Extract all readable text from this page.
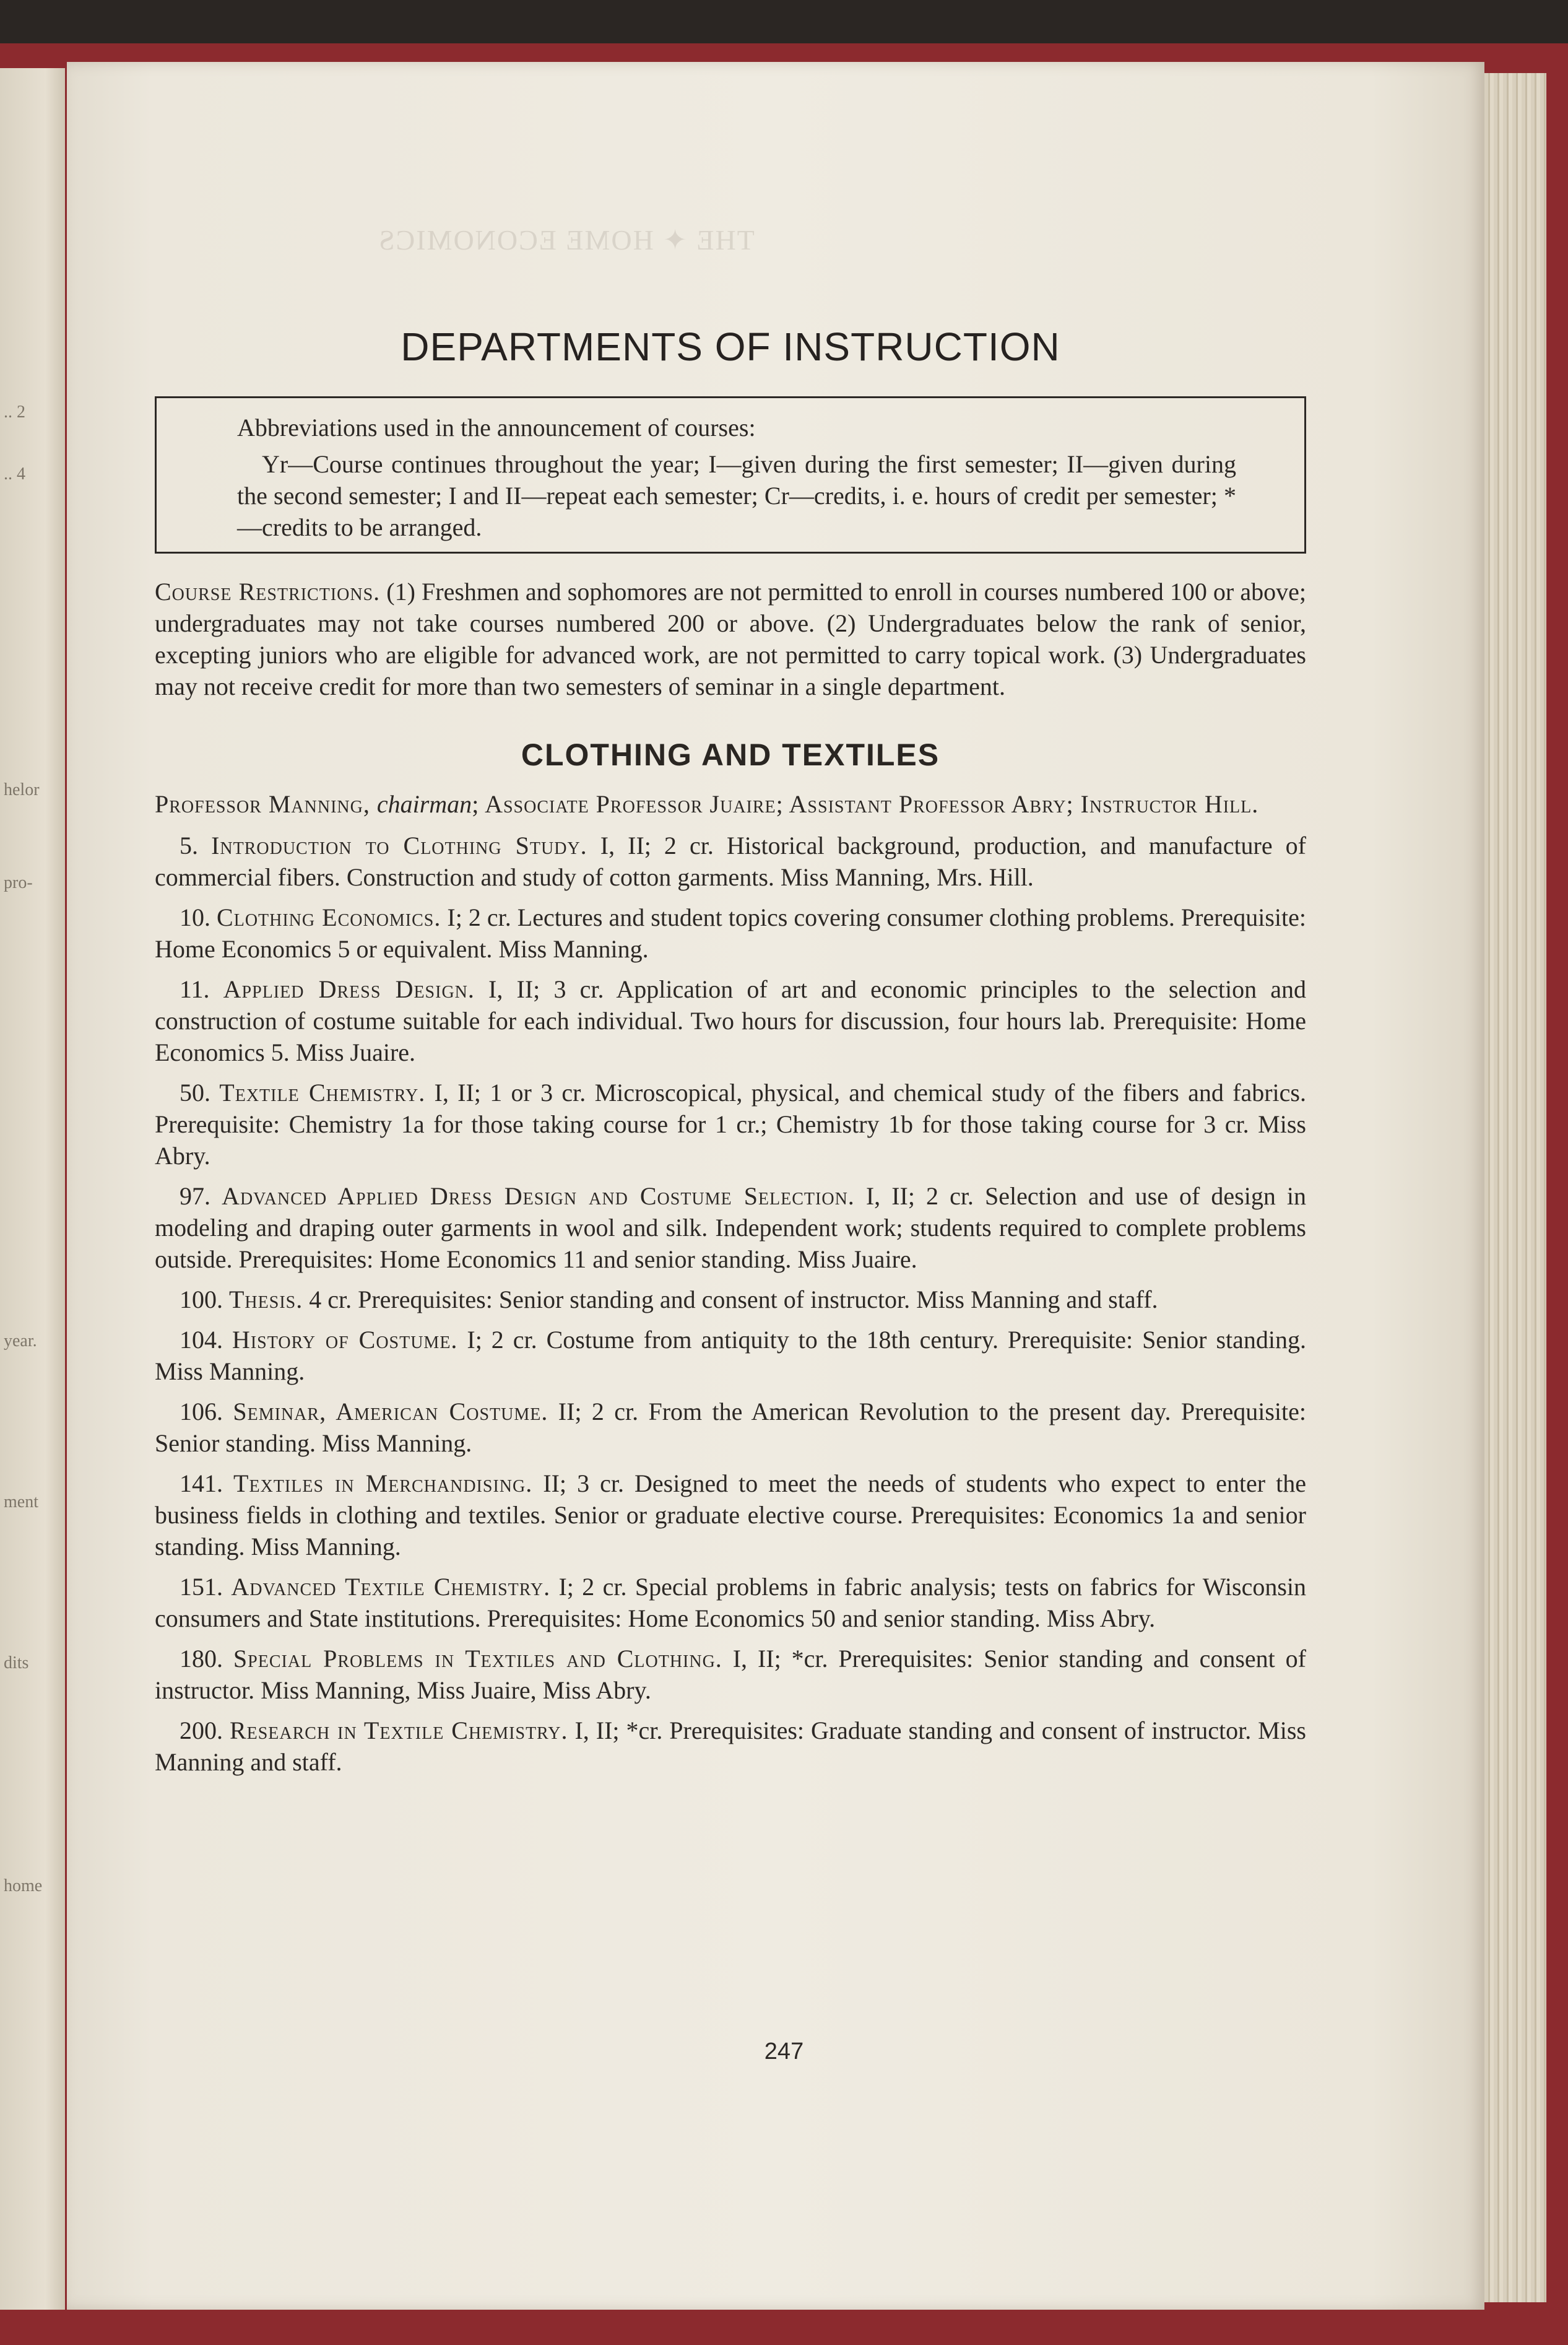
.. 2
.. 4
helor
pro-
year.
ment
dits
home
THE ✦ HOME ECONOMICS
DEPARTMENTS OF INSTRUCTION

Abbreviations used in the announcement of courses:

Yr—Course continues throughout the year; I—given during the first semester; II—given during the second semester; I and II—repeat each semester; Cr—credits, i. e. hours of credit per semester; *—credits to be arranged.

Course Restrictions. (1) Freshmen and sophomores are not permitted to enroll in courses numbered 100 or above; undergraduates may not take courses numbered 200 or above. (2) Undergraduates below the rank of senior, excepting juniors who are eligible for advanced work, are not permitted to carry topical work. (3) Undergraduates may not receive credit for more than two semesters of seminar in a single department.

CLOTHING AND TEXTILES

Professor Manning, chairman; Associate Professor Juaire; Assistant Professor Abry; Instructor Hill.

5. Introduction to Clothing Study. I, II; 2 cr. Historical background, production, and manufacture of commercial fibers. Construction and study of cotton garments. Miss Manning, Mrs. Hill.

10. Clothing Economics. I; 2 cr. Lectures and student topics covering consumer clothing problems. Prerequisite: Home Economics 5 or equivalent. Miss Manning.

11. Applied Dress Design. I, II; 3 cr. Application of art and economic principles to the selection and construction of costume suitable for each individual. Two hours for discussion, four hours lab. Prerequisite: Home Economics 5. Miss Juaire.

50. Textile Chemistry. I, II; 1 or 3 cr. Microscopical, physical, and chemical study of the fibers and fabrics. Prerequisite: Chemistry 1a for those taking course for 1 cr.; Chemistry 1b for those taking course for 3 cr. Miss Abry.

97. Advanced Applied Dress Design and Costume Selection. I, II; 2 cr. Selection and use of design in modeling and draping outer garments in wool and silk. Independent work; students required to complete problems outside. Prerequisites: Home Economics 11 and senior standing. Miss Juaire.

100. Thesis. 4 cr. Prerequisites: Senior standing and consent of instructor. Miss Manning and staff.

104. History of Costume. I; 2 cr. Costume from antiquity to the 18th century. Prerequisite: Senior standing. Miss Manning.

106. Seminar, American Costume. II; 2 cr. From the American Revolution to the present day. Prerequisite: Senior standing. Miss Manning.

141. Textiles in Merchandising. II; 3 cr. Designed to meet the needs of students who expect to enter the business fields in clothing and textiles. Senior or graduate elective course. Prerequisites: Economics 1a and senior standing. Miss Manning.

151. Advanced Textile Chemistry. I; 2 cr. Special problems in fabric analysis; tests on fabrics for Wisconsin consumers and State institutions. Prerequisites: Home Economics 50 and senior standing. Miss Abry.

180. Special Problems in Textiles and Clothing. I, II; *cr. Prerequisites: Senior standing and consent of instructor. Miss Manning, Miss Juaire, Miss Abry.

200. Research in Textile Chemistry. I, II; *cr. Prerequisites: Graduate standing and consent of instructor. Miss Manning and staff.

247
